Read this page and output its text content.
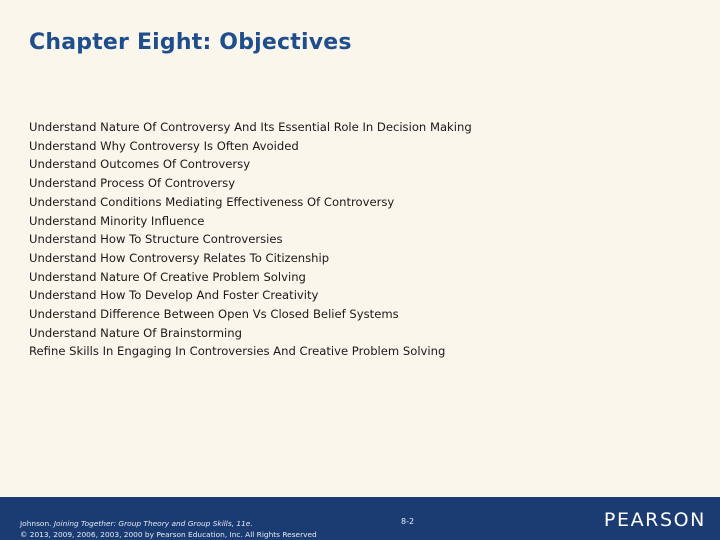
Chapter Eight: Objectives
Understand Nature Of Controversy And Its Essential Role In Decision Making
Understand Why Controversy Is Often Avoided
Understand Outcomes Of Controversy
Understand Process Of Controversy
Understand Conditions Mediating Effectiveness Of Controversy
Understand Minority Influence
Understand How To Structure Controversies
Understand How Controversy Relates To Citizenship
Understand Nature Of Creative Problem Solving
Understand How To Develop And Foster Creativity
Understand Difference Between Open Vs Closed Belief Systems
Understand Nature Of Brainstorming
Refine Skills In Engaging In Controversies And Creative Problem Solving
Johnson. Joining Together: Group Theory and Group Skills, 11e.
© 2013, 2009, 2006, 2003, 2000 by Pearson Education, Inc. All Rights Reserved
8-2	PEARSON
